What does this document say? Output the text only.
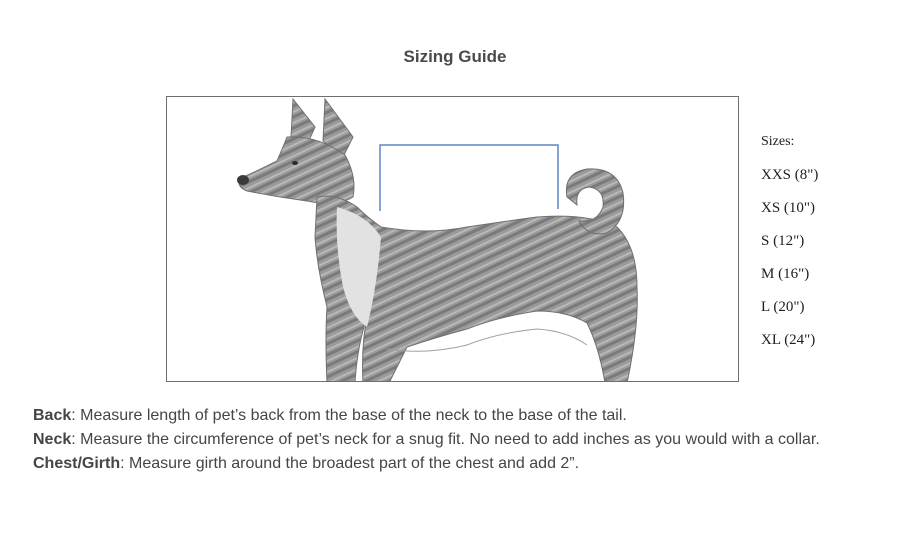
Sizing Guide
Sizes:
XXS (8")
XS (10")
S (12")
M (16")
L (20")
XL (24")
Back: Measure length of pet’s back from the base of the neck to the base of the tail.
Neck: Measure the circumference of pet’s neck for a snug fit. No need to add inches as you would with a collar.
Chest/Girth: Measure girth around the broadest part of the chest and add 2”.
